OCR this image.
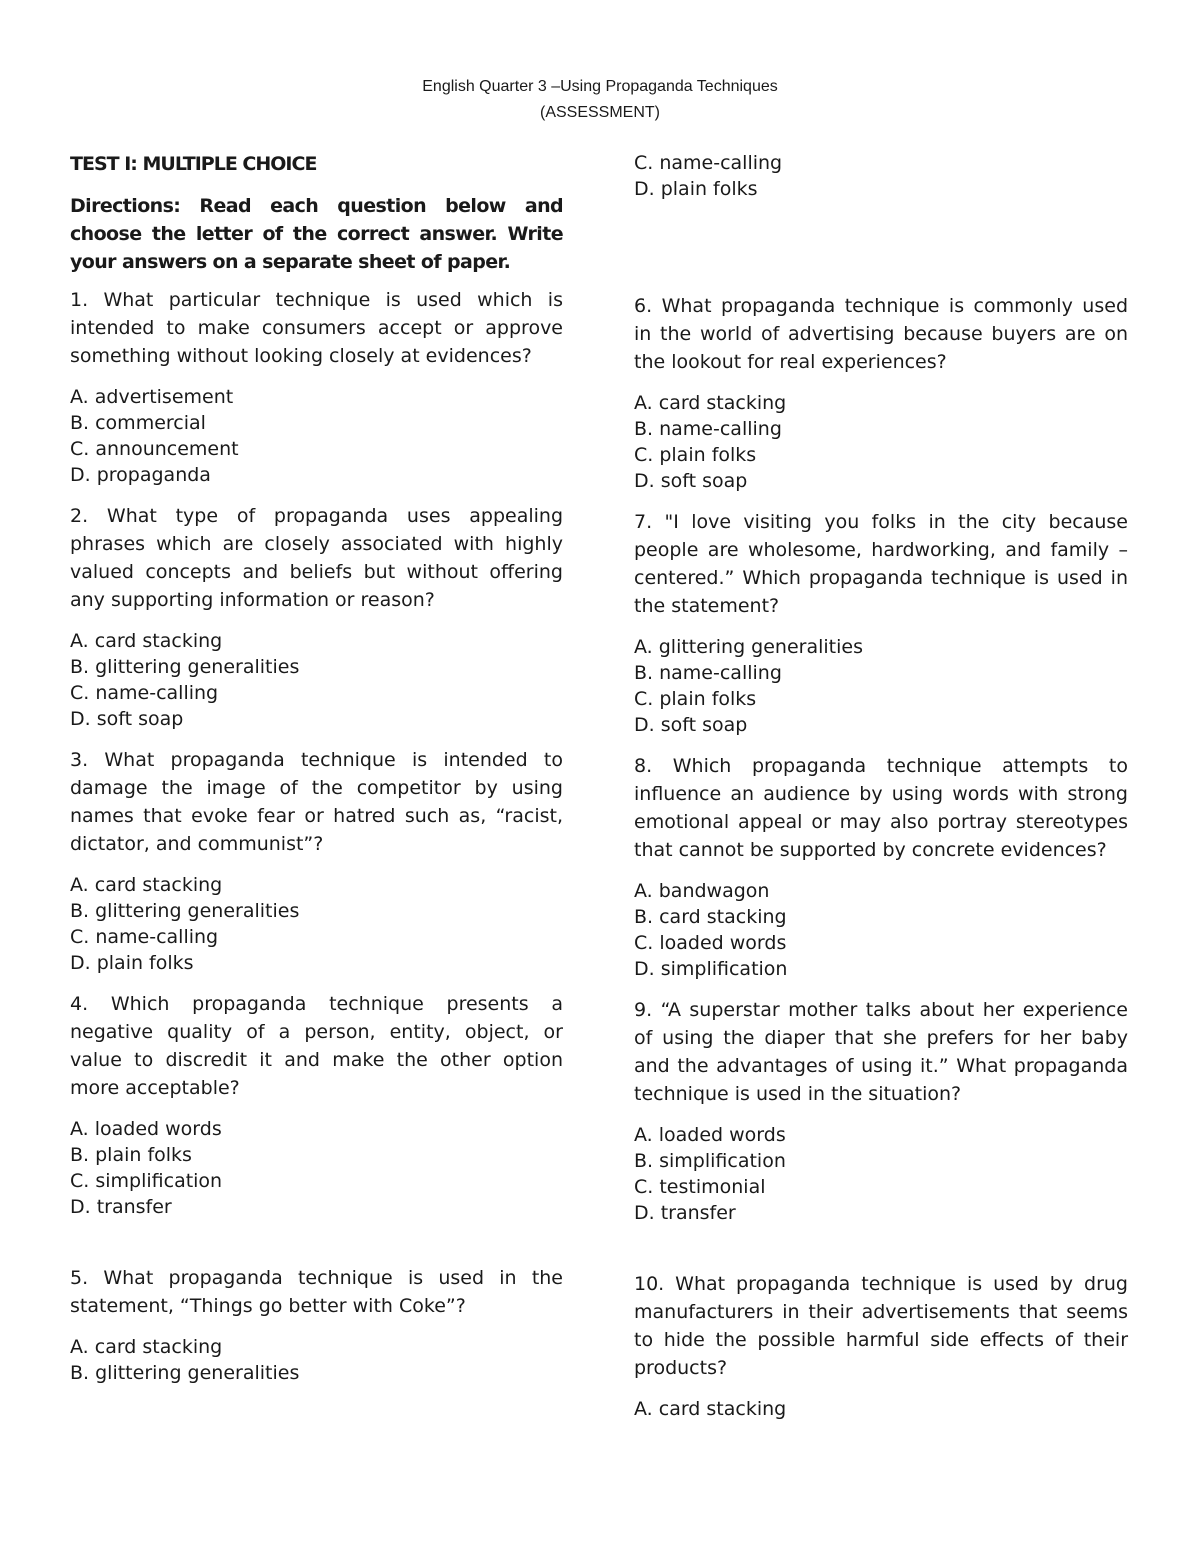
English Quarter 3 –Using Propaganda Techniques
(ASSESSMENT)
TEST I: MULTIPLE CHOICE
Directions: Read each question below and choose the letter of the correct answer. Write your answers on a separate sheet of paper.
1. What particular technique is used which is intended to make consumers accept or approve something without looking closely at evidences?
A. advertisement
B. commercial
C. announcement
D. propaganda
2. What type of propaganda uses appealing phrases which are closely associated with highly valued concepts and beliefs but without offering any supporting information or reason?
A. card stacking
B. glittering generalities
C. name-calling
D. soft soap
3. What propaganda technique is intended to damage the image of the competitor by using names that evoke fear or hatred such as, “racist, dictator, and communist”?
A. card stacking
B. glittering generalities
C. name-calling
D. plain folks
4. Which propaganda technique presents a negative quality of a person, entity, object, or value to discredit it and make the other option more acceptable?
A. loaded words
B. plain folks
C. simplification
D. transfer
5. What propaganda technique is used in the statement, “Things go better with Coke”?
A. card stacking
B. glittering generalities
C. name-calling
D. plain folks
6. What propaganda technique is commonly used in the world of advertising because buyers are on the lookout for real experiences?
A. card stacking
B. name-calling
C. plain folks
D. soft soap
7. "I love visiting you folks in the city because people are wholesome, hardworking, and family –centered.” Which propaganda technique is used in the statement?
A. glittering generalities
B. name-calling
C. plain folks
D. soft soap
8. Which propaganda technique attempts to influence an audience by using words with strong emotional appeal or may also portray stereotypes that cannot be supported by concrete evidences?
A. bandwagon
B. card stacking
C. loaded words
D. simplification
9. “A superstar mother talks about her experience of using the diaper that she prefers for her baby and the advantages of using it.” What propaganda technique is used in the situation?
A. loaded words
B. simplification
C. testimonial
D. transfer
10. What propaganda technique is used by drug manufacturers in their advertisements that seems to hide the possible harmful side effects of their products?
A. card stacking
